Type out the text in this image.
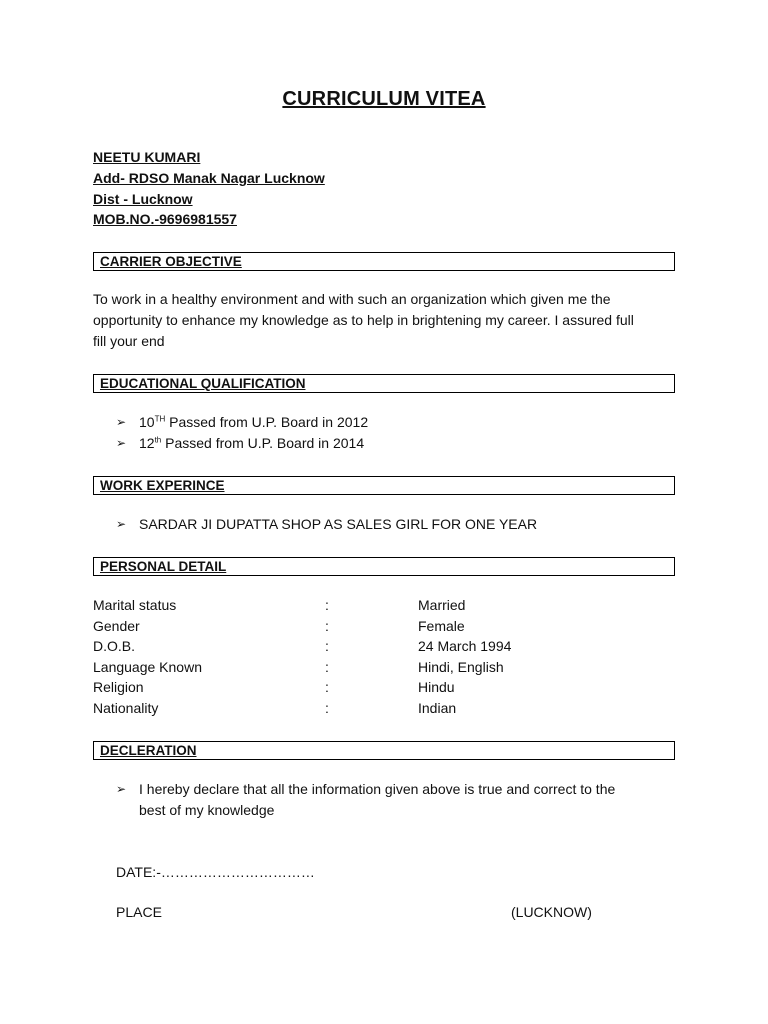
CURRICULUM VITEA
NEETU KUMARI
Add- RDSO Manak Nagar Lucknow
Dist - Lucknow
MOB.NO.-9696981557
CARRIER OBJECTIVE
To work in a healthy environment and with such an organization which given me the
opportunity to enhance my knowledge as to help in brightening my career. I assured full
fill your end
EDUCATIONAL QUALIFICATION
➢ 10TH Passed from U.P. Board in 2012
➢ 12th Passed from U.P. Board in 2014
WORK EXPERINCE
➢ SARDAR JI DUPATTA SHOP AS SALES GIRL FOR ONE YEAR
PERSONAL DETAIL
Marital status	:	Married
Gender	:	Female
D.O.B.	:	24 March 1994
Language Known	:	Hindi, English
Religion	:	Hindu
Nationality	:	Indian
DECLERATION
➢ I hereby declare that all the information given above is true and correct to the
best of my knowledge
DATE:-……………………………
PLACE	(LUCKNOW)
